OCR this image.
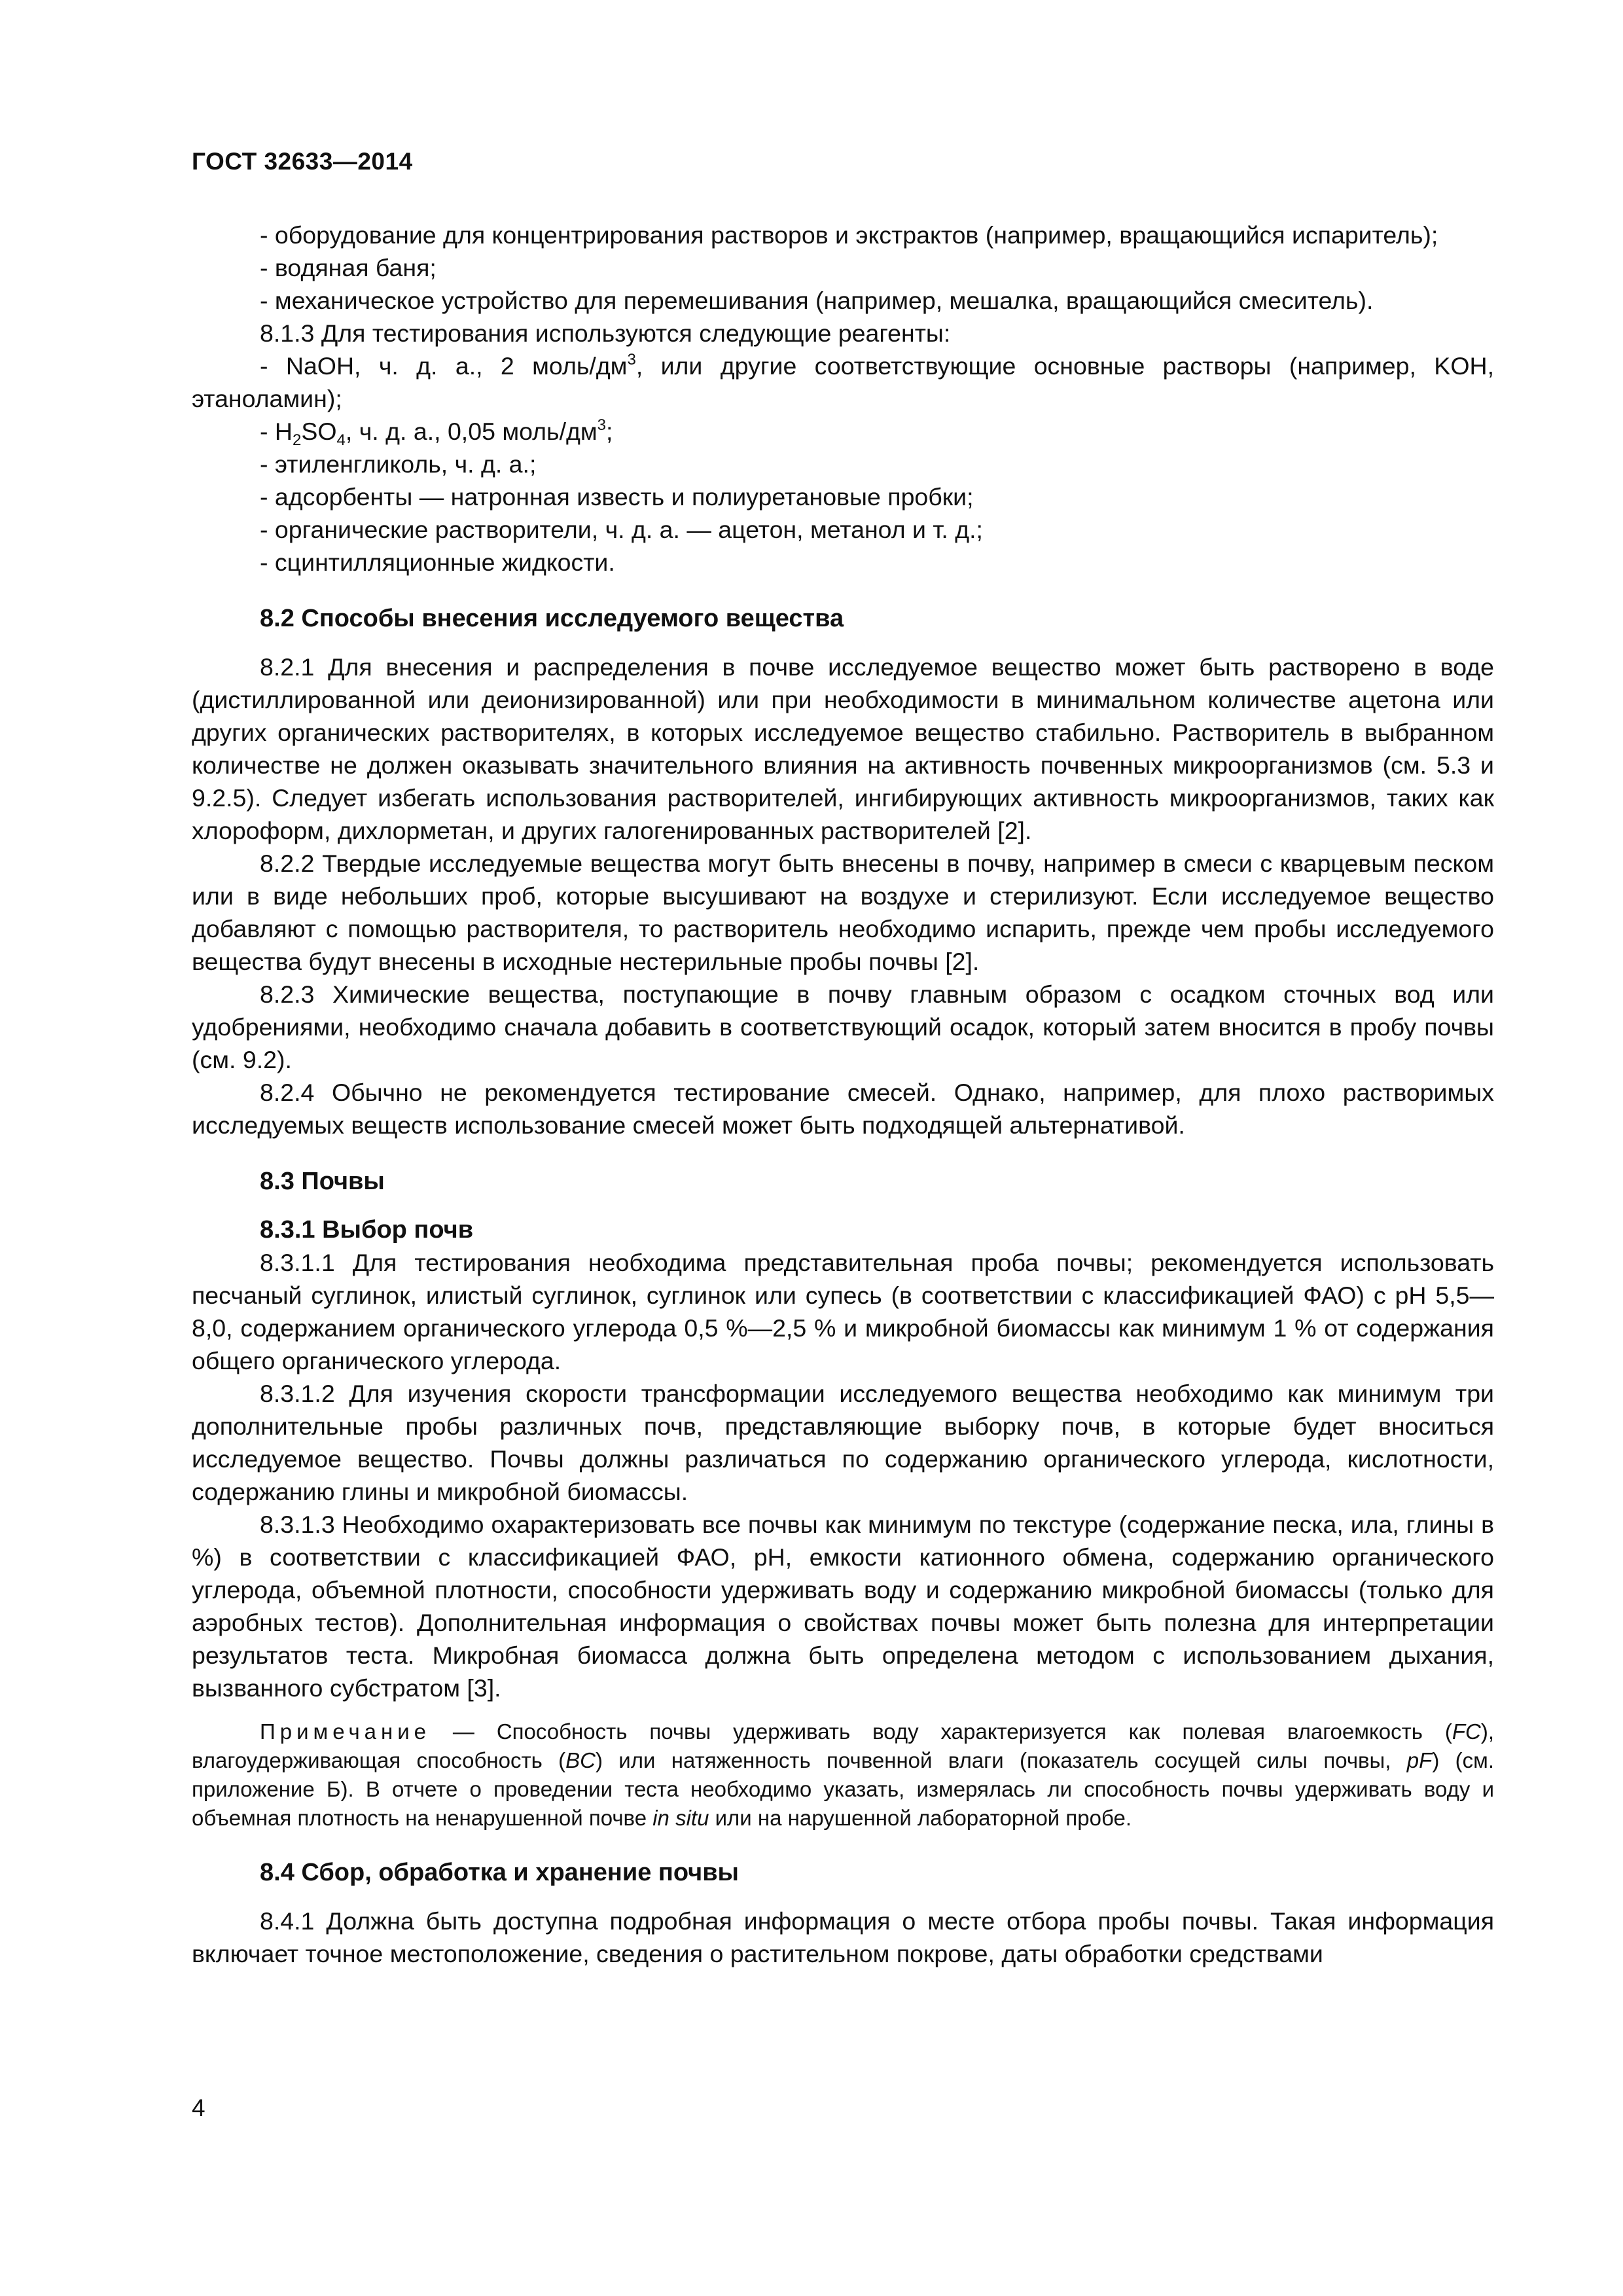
ГОСТ 32633—2014

- оборудование для концентрирования растворов и экстрактов (например, вращающийся испаритель);

- водяная баня;

- механическое устройство для перемешивания (например, мешалка, вращающийся смеситель).

8.1.3 Для тестирования используются следующие реагенты:

- NaOH, ч. д. а., 2 моль/$дм^3$, или другие соответствующие основные растворы (например, KOH, этаноламин);

- $H_2SO_4$, ч. д. а., 0,05 моль/$дм^3$;

- этиленгликоль, ч. д. а.;

- адсорбенты — натронная известь и полиуретановые пробки;

- органические растворители, ч. д. а. — ацетон, метанол и т. д.;

- сцинтилляционные жидкости.

8.2 Способы внесения исследуемого вещества

8.2.1 Для внесения и распределения в почве исследуемое вещество может быть растворено в воде (дистиллированной или деионизированной) или при необходимости в минимальном количестве ацетона или других органических растворителях, в которых исследуемое вещество стабильно. Растворитель в выбранном количестве не должен оказывать значительного влияния на активность почвенных микроорганизмов (см. 5.3 и 9.2.5). Следует избегать использования растворителей, ингибирующих активность микроорганизмов, таких как хлороформ, дихлорметан, и других галогенированных растворителей [2].

8.2.2 Твердые исследуемые вещества могут быть внесены в почву, например в смеси с кварцевым песком или в виде небольших проб, которые высушивают на воздухе и стерилизуют. Если исследуемое вещество добавляют с помощью растворителя, то растворитель необходимо испарить, прежде чем пробы исследуемого вещества будут внесены в исходные нестерильные пробы почвы [2].

8.2.3 Химические вещества, поступающие в почву главным образом с осадком сточных вод или удобрениями, необходимо сначала добавить в соответствующий осадок, который затем вносится в пробу почвы (см. 9.2).

8.2.4 Обычно не рекомендуется тестирование смесей. Однако, например, для плохо растворимых исследуемых веществ использование смесей может быть подходящей альтернативой.

8.3 Почвы
8.3.1 Выбор почв

8.3.1.1 Для тестирования необходима представительная проба почвы; рекомендуется использовать песчаный суглинок, илистый суглинок, суглинок или супесь (в соответствии с классификацией ФАО) с pH 5,5—8,0, содержанием органического углерода 0,5 %—2,5 % и микробной биомассы как минимум 1 % от содержания общего органического углерода.

8.3.1.2 Для изучения скорости трансформации исследуемого вещества необходимо как минимум три дополнительные пробы различных почв, представляющие выборку почв, в которые будет вноситься исследуемое вещество. Почвы должны различаться по содержанию органического углерода, кислотности, содержанию глины и микробной биомассы.

8.3.1.3 Необходимо охарактеризовать все почвы как минимум по текстуре (содержание песка, ила, глины в %) в соответствии с классификацией ФАО, pH, емкости катионного обмена, содержанию органического углерода, объемной плотности, способности удерживать воду и содержанию микробной биомассы (только для аэробных тестов). Дополнительная информация о свойствах почвы может быть полезна для интерпретации результатов теста. Микробная биомасса должна быть определена методом с использованием дыхания, вызванного субстратом [3].

Примечание — Способность почвы удерживать воду характеризуется как полевая влагоемкость (FC), влагоудерживающая способность (BC) или натяженность почвенной влаги (показатель сосущей силы почвы, pF) (см. приложение Б). В отчете о проведении теста необходимо указать, измерялась ли способность почвы удерживать воду и объемная плотность на ненарушенной почве in situ или на нарушенной лабораторной пробе.

8.4 Сбор, обработка и хранение почвы

8.4.1 Должна быть доступна подробная информация о месте отбора пробы почвы. Такая информация включает точное местоположение, сведения о растительном покрове, даты обработки средствами

4
